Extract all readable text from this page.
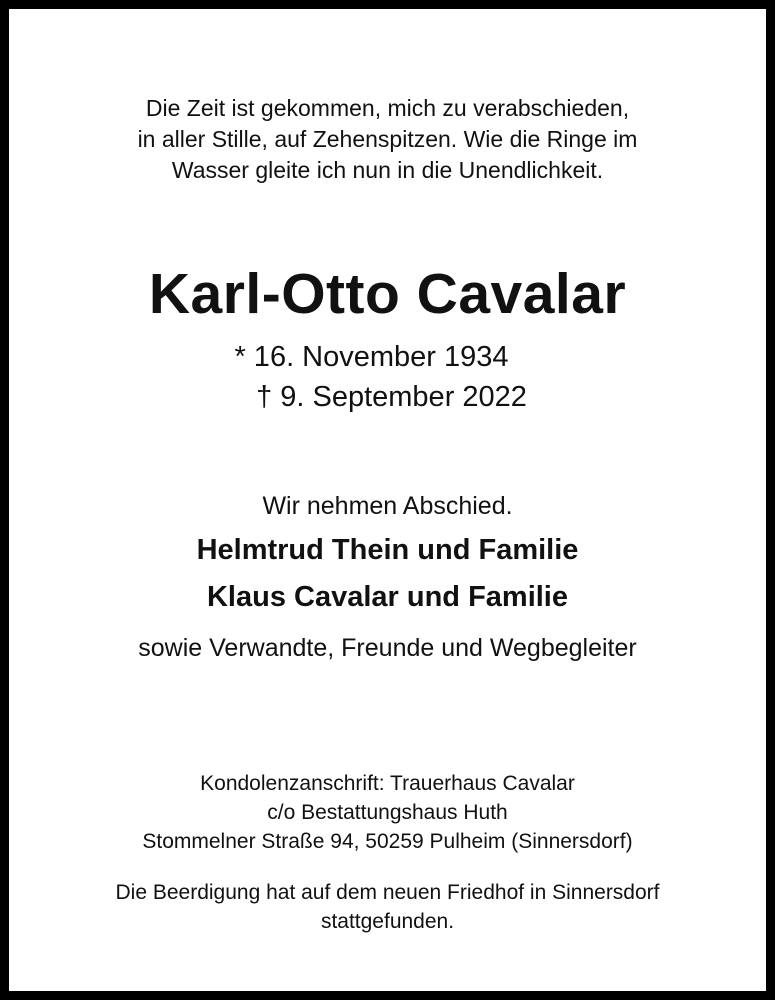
Die Zeit ist gekommen, mich zu verabschieden,
in aller Stille, auf Zehenspitzen. Wie die Ringe im
Wasser gleite ich nun in die Unendlichkeit.
Karl-Otto Cavalar
* 16. November 1934
† 9. September 2022
Wir nehmen Abschied.
Helmtrud Thein und Familie
Klaus Cavalar und Familie
sowie Verwandte, Freunde und Wegbegleiter
Kondolenzanschrift: Trauerhaus Cavalar
c/o Bestattungshaus Huth
Stommelner Straße 94, 50259 Pulheim (Sinnersdorf)
Die Beerdigung hat auf dem neuen Friedhof in Sinnersdorf
stattgefunden.
